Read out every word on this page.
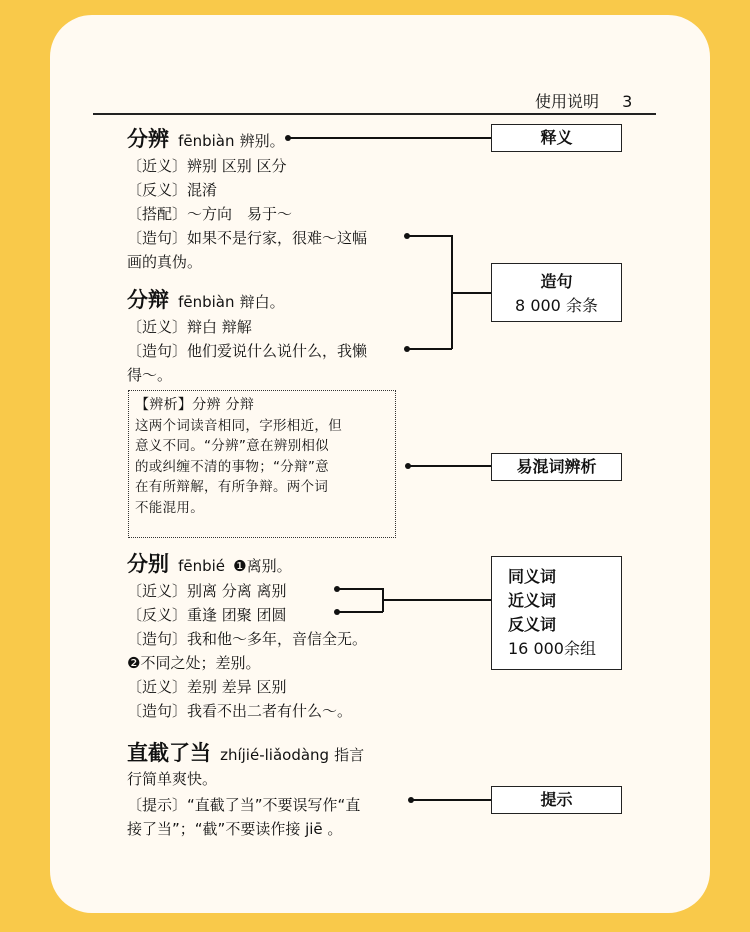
使用说明 3
分辨 fēnbiàn 辨别。
〔近义〕辨别 区别 区分
〔反义〕混淆
〔搭配〕～方向　易于～
〔造句〕如果不是行家，很难～这幅
画的真伪。
分辩 fēnbiàn 辩白。
〔近义〕辩白 辩解
〔造句〕他们爱说什么说什么，我懒
得～。
【辨析】分辨 分辩
这两个词读音相同，字形相近，但
意义不同。“分辨”意在辨别相似
的或纠缠不清的事物；“分辩”意
在有所辩解，有所争辩。两个词
不能混用。
分别 fēnbié ❶离别。
〔近义〕别离 分离 离别
〔反义〕重逢 团聚 团圆
〔造句〕我和他～多年，音信全无。
❷不同之处；差别。
〔近义〕差别 差异 区别
〔造句〕我看不出二者有什么～。
直截了当 zhíjié-liǎodàng 指言
行简单爽快。
〔提示〕“直截了当”不要误写作“直
接了当”；“截”不要读作接 jiē 。
释义
造句
8 000 余条
易混词辨析
同义词
近义词
反义词
16 000余组
提示
